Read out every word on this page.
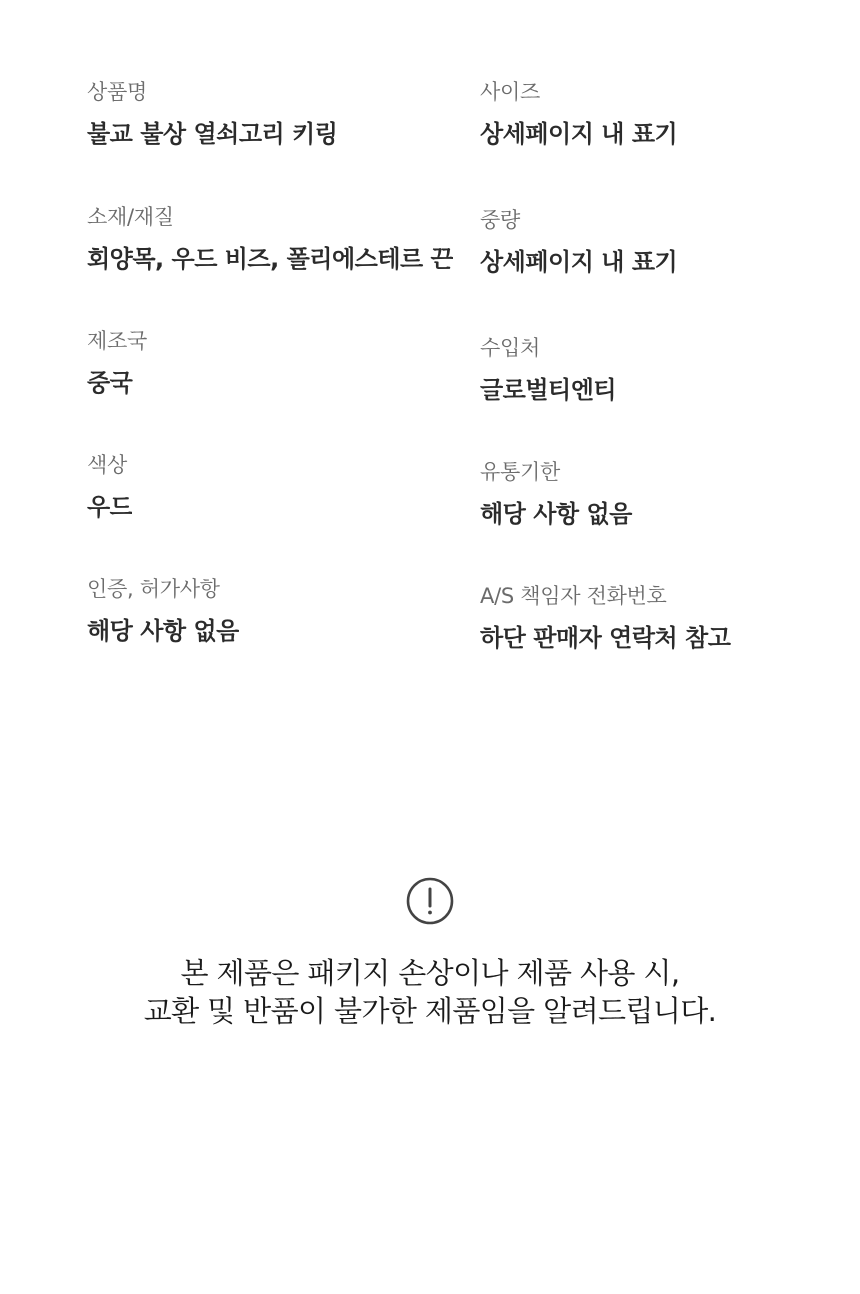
상품명
불교 불상 열쇠고리 키링
소재/재질
회양목, 우드 비즈, 폴리에스테르 끈
제조국
중국
색상
우드
인증, 허가사항
해당 사항 없음
사이즈
상세페이지 내 표기
중량
상세페이지 내 표기
수입처
글로벌티엔티
유통기한
해당 사항 없음
A/S 책임자 전화번호
하단 판매자 연락처 참고
본 제품은 패키지 손상이나 제품 사용 시,
교환 및 반품이 불가한 제품임을 알려드립니다.
